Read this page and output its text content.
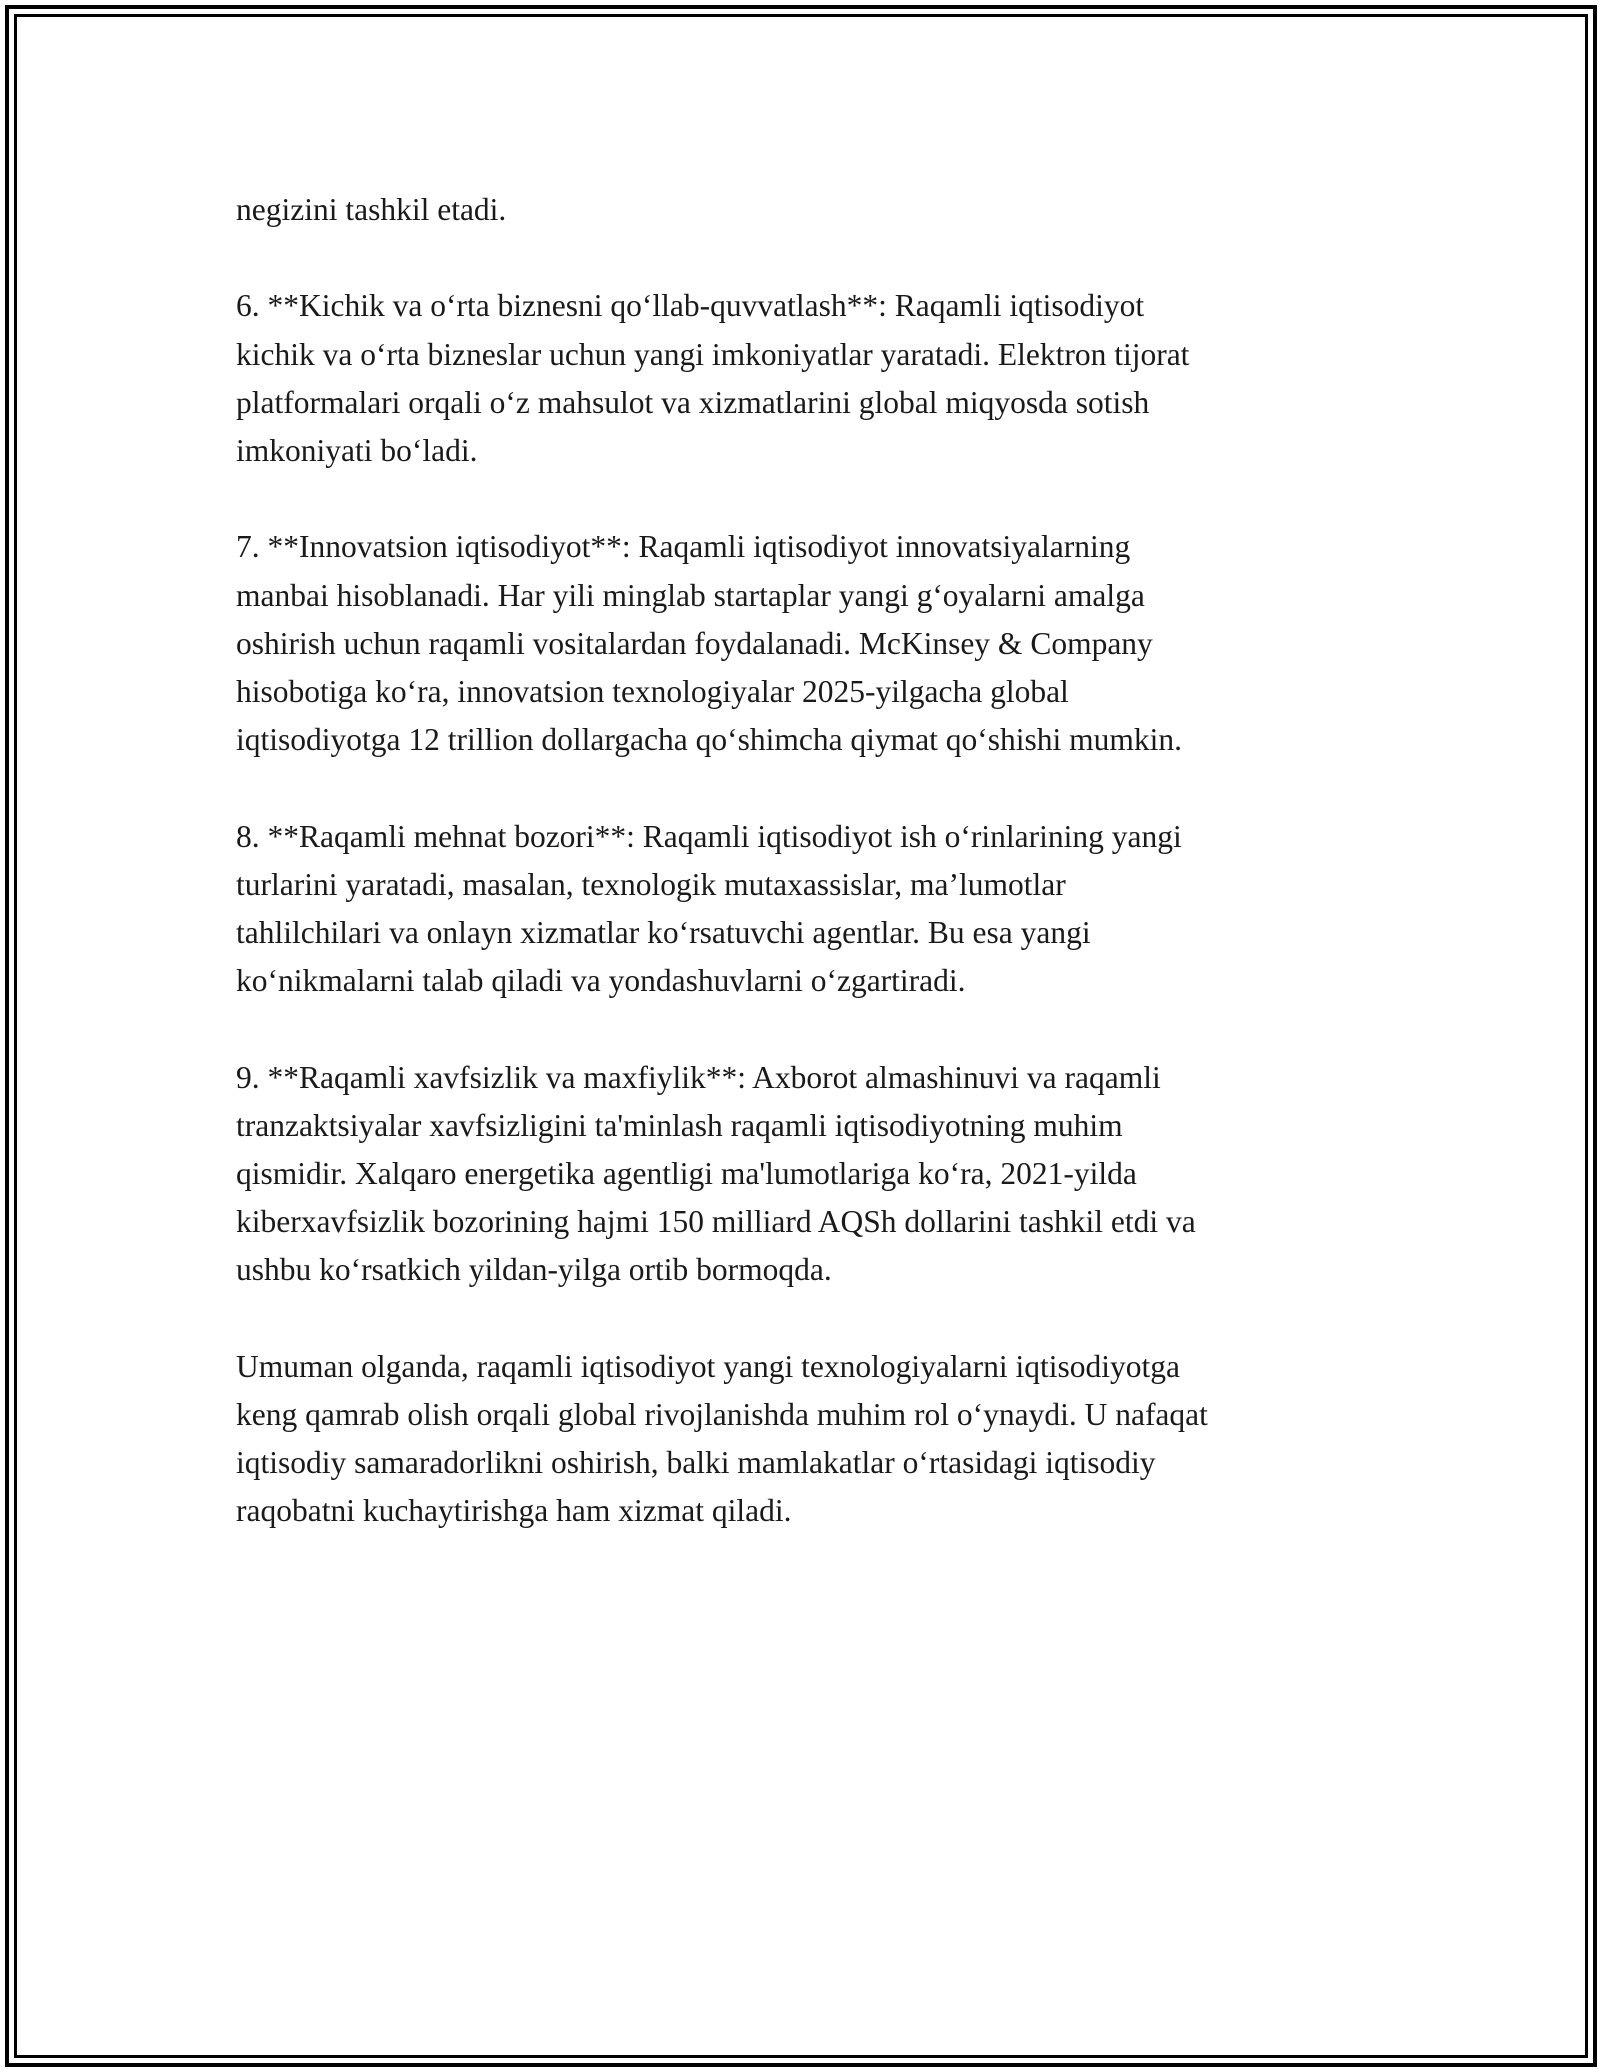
negizini tashkil etadi.

6. **Kichik va o‘rta biznesni qo‘llab-quvvatlash**: Raqamli iqtisodiyot
kichik va o‘rta bizneslar uchun yangi imkoniyatlar yaratadi. Elektron tijorat
platformalari orqali o‘z mahsulot va xizmatlarini global miqyosda sotish
imkoniyati bo‘ladi.

7. **Innovatsion iqtisodiyot**: Raqamli iqtisodiyot innovatsiyalarning
manbai hisoblanadi. Har yili minglab startaplar yangi g‘oyalarni amalga
oshirish uchun raqamli vositalardan foydalanadi. McKinsey & Company
hisobotiga ko‘ra, innovatsion texnologiyalar 2025-yilgacha global
iqtisodiyotga 12 trillion dollargacha qo‘shimcha qiymat qo‘shishi mumkin.

8. **Raqamli mehnat bozori**: Raqamli iqtisodiyot ish o‘rinlarining yangi
turlarini yaratadi, masalan, texnologik mutaxassislar, ma’lumotlar
tahlilchilari va onlayn xizmatlar ko‘rsatuvchi agentlar. Bu esa yangi
ko‘nikmalarni talab qiladi va yondashuvlarni o‘zgartiradi.

9. **Raqamli xavfsizlik va maxfiylik**: Axborot almashinuvi va raqamli
tranzaktsiyalar xavfsizligini ta'minlash raqamli iqtisodiyotning muhim
qismidir. Xalqaro energetika agentligi ma'lumotlariga ko‘ra, 2021-yilda
kiberxavfsizlik bozorining hajmi 150 milliard AQSh dollarini tashkil etdi va
ushbu ko‘rsatkich yildan-yilga ortib bormoqda.

Umuman olganda, raqamli iqtisodiyot yangi texnologiyalarni iqtisodiyotga
keng qamrab olish orqali global rivojlanishda muhim rol o‘ynaydi. U nafaqat
iqtisodiy samaradorlikni oshirish, balki mamlakatlar o‘rtasidagi iqtisodiy
raqobatni kuchaytirishga ham xizmat qiladi.
